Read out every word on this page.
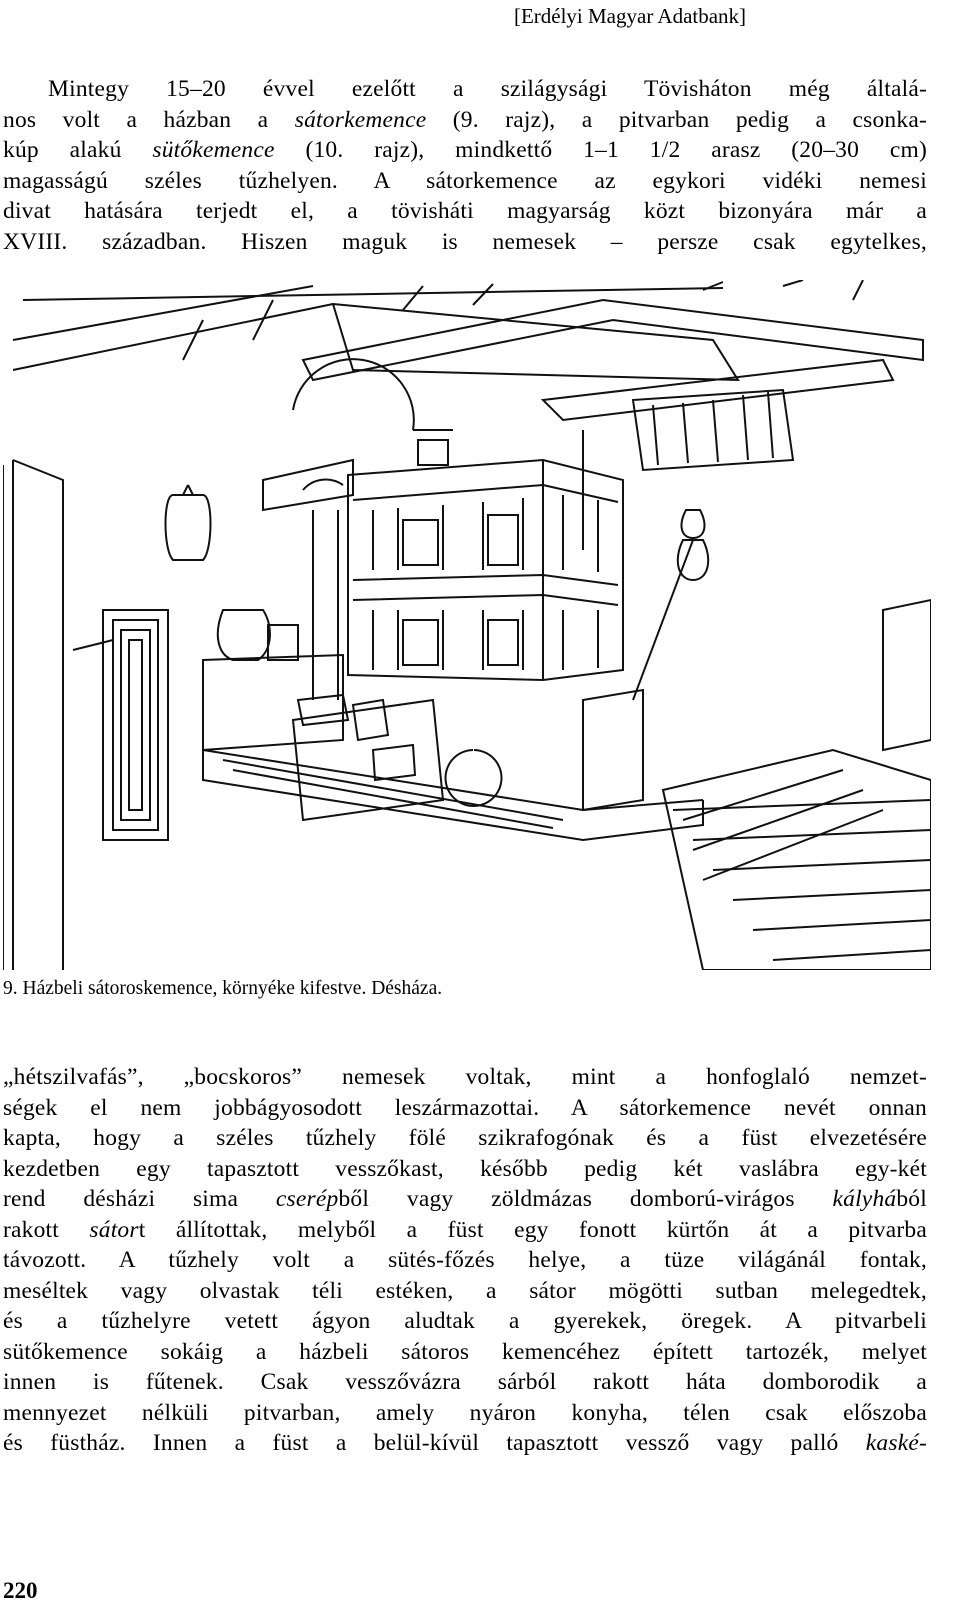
[Erdélyi Magyar Adatbank]
Mintegy 15–20 évvel ezelőtt a szilágysági Tövisháton még általá-
nos volt a házban a sátorkemence (9. rajz), a pitvarban pedig a csonka-
kúp alakú sütőkemence (10. rajz), mindkettő 1–1 1/2 arasz (20–30 cm)
magasságú széles tűzhelyen. A sátorkemence az egykori vidéki nemesi
divat hatására terjedt el, a tövisháti magyarság közt bizonyára már a
XVIII. században. Hiszen maguk is nemesek – persze csak egytelkes,
9. Házbeli sátoroskemence, környéke kifestve. Désháza.
„hétszilvafás”, „bocskoros” nemesek voltak, mint a honfoglaló nemzet-
ségek el nem jobbágyosodott leszármazottai. A sátorkemence nevét onnan
kapta, hogy a széles tűzhely fölé szikrafogónak és a füst elvezetésére
kezdetben egy tapasztott vesszőkast, később pedig két vaslábra egy-két
rend désházi sima cserépből vagy zöldmázas domború-virágos kályhából
rakott sátort állítottak, melyből a füst egy fonott kürtőn át a pitvarba
távozott. A tűzhely volt a sütés-főzés helye, a tüze világánál fontak,
meséltek vagy olvastak téli estéken, a sátor mögötti sutban melegedtek,
és a tűzhelyre vetett ágyon aludtak a gyerekek, öregek. A pitvarbeli
sütőkemence sokáig a házbeli sátoros kemencéhez épített tartozék, melyet
innen is fűtenek. Csak vesszővázra sárból rakott háta domborodik a
mennyezet nélküli pitvarban, amely nyáron konyha, télen csak előszoba
és füstház. Innen a füst a belül-kívül tapasztott vessző vagy palló kaské-
220
